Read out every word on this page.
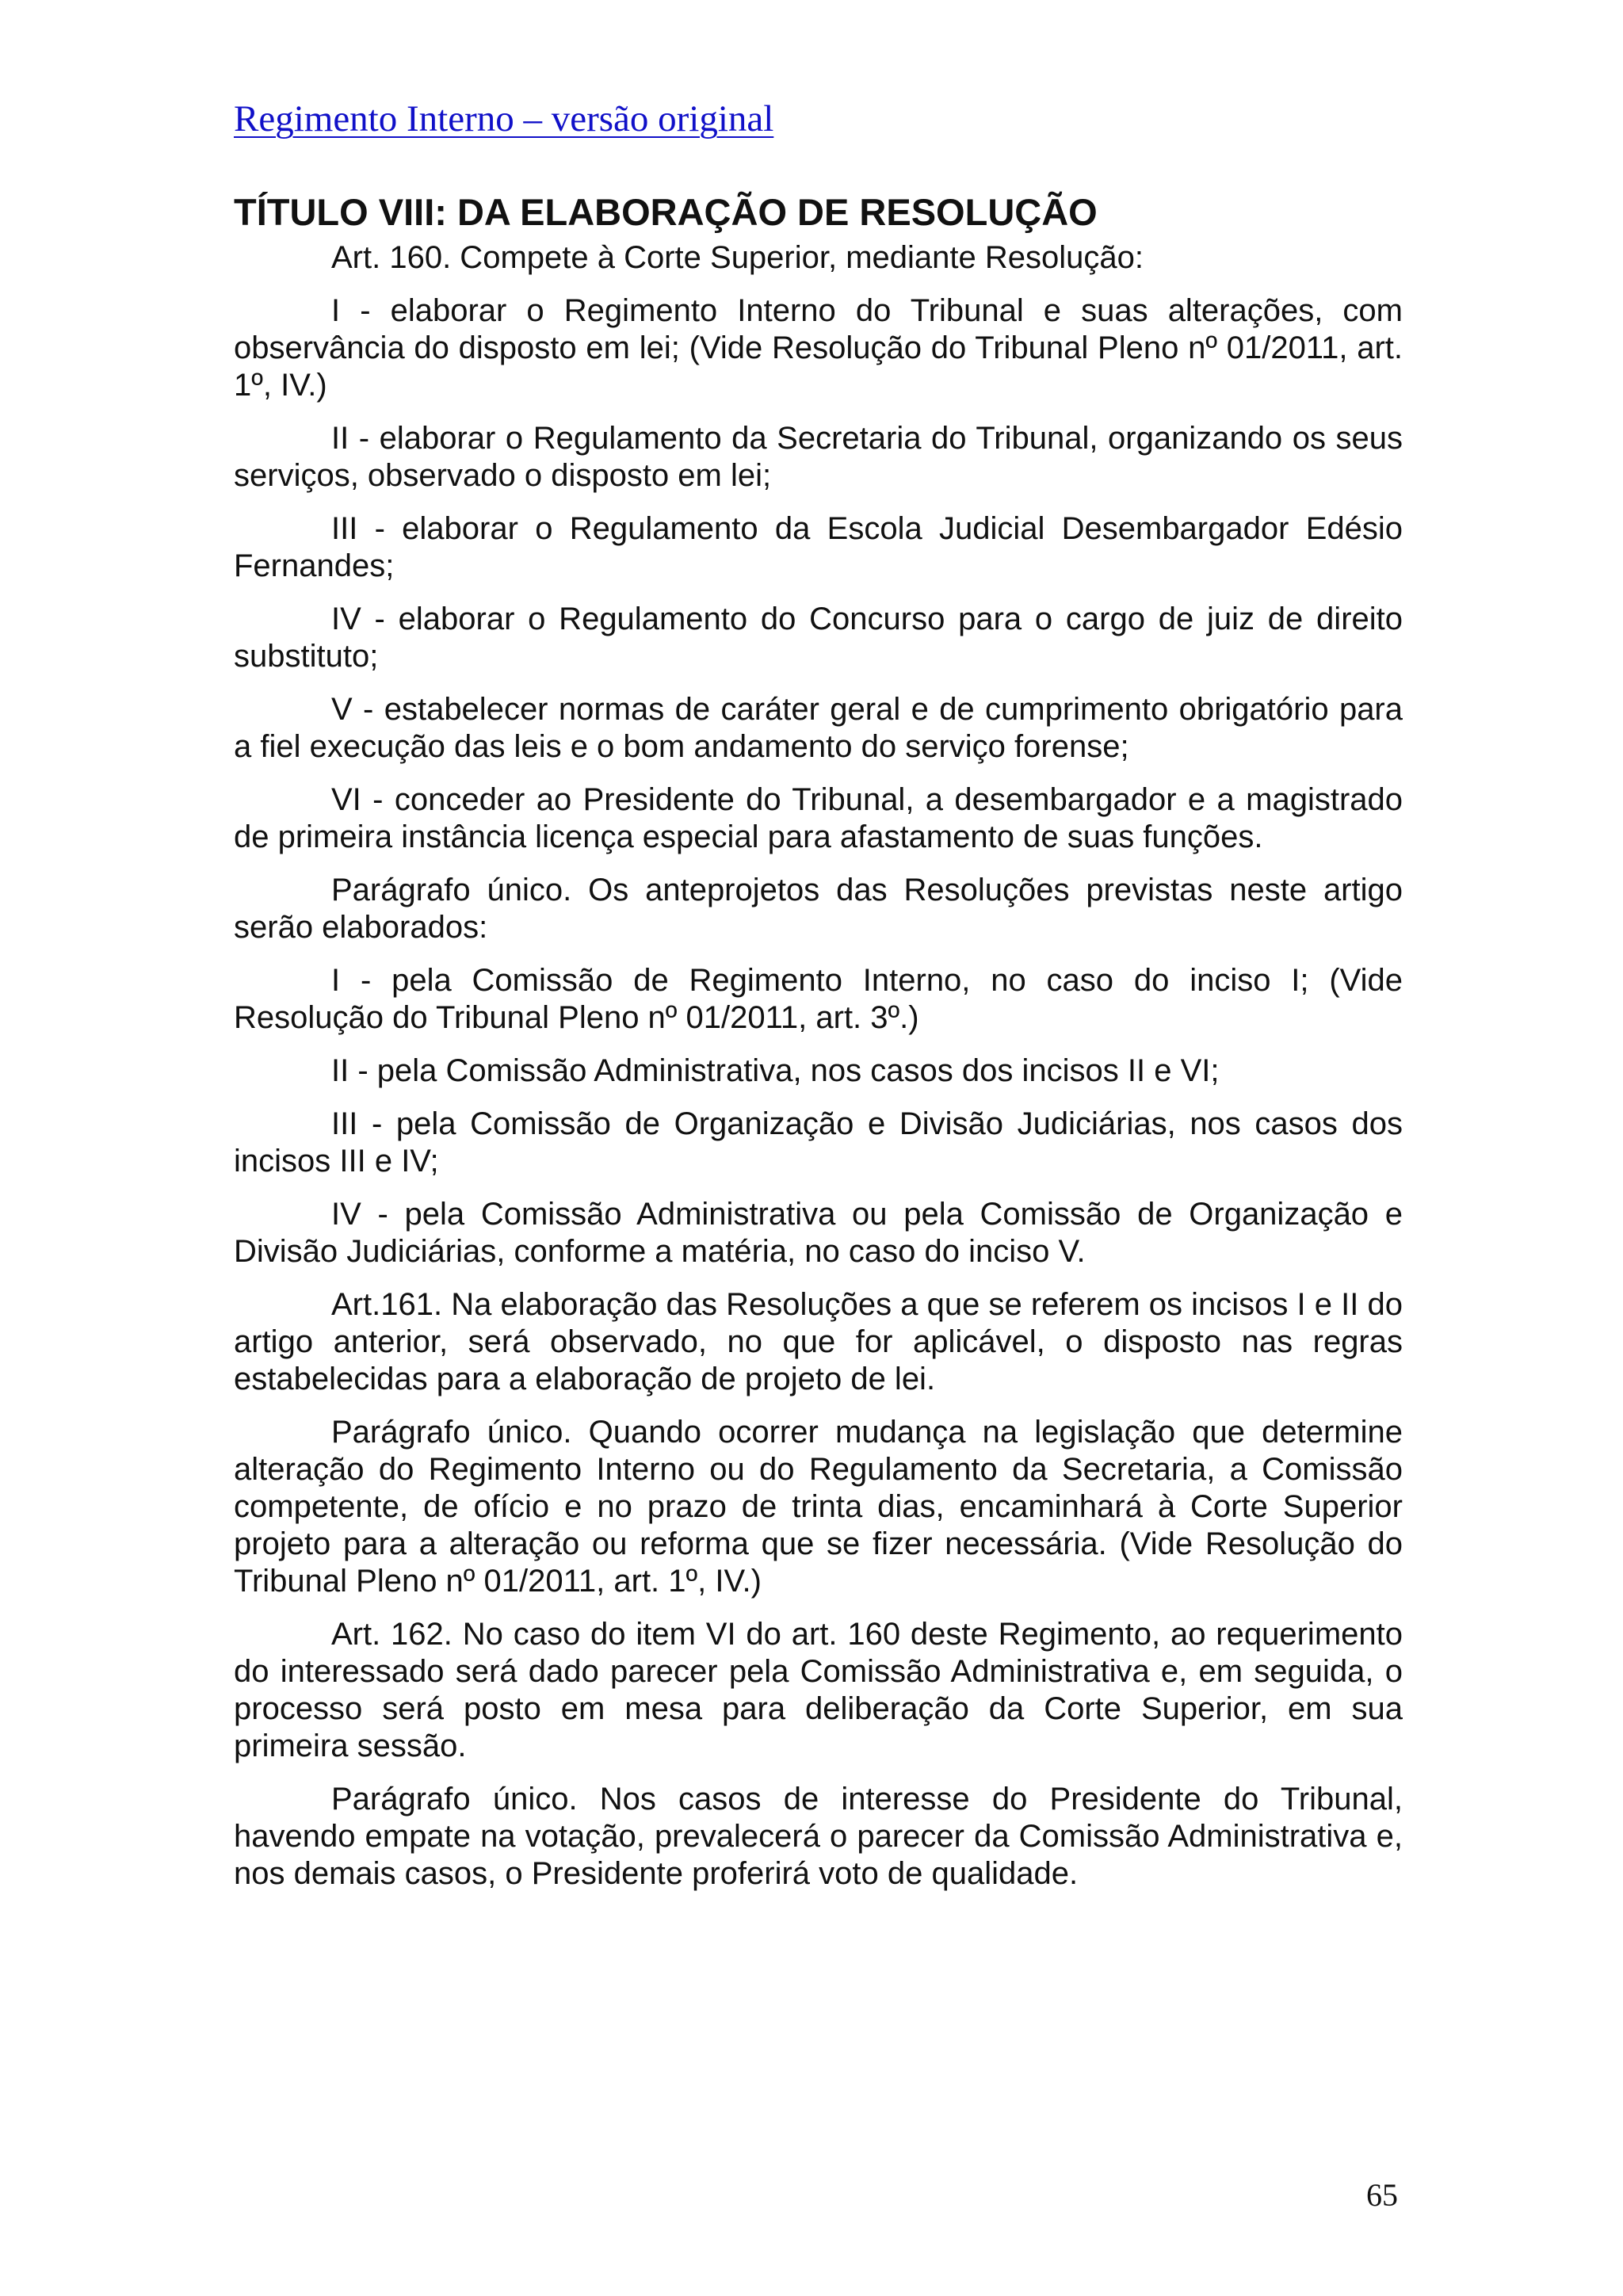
Regimento Interno – versão original
TÍTULO VIII: DA ELABORAÇÃO DE RESOLUÇÃO

Art. 160. Compete à Corte Superior, mediante Resolução:

I - elaborar o Regimento Interno do Tribunal e suas alterações, com observância do disposto em lei; (Vide Resolução do Tribunal Pleno nº 01/2011, art. 1º, IV.)

II - elaborar o Regulamento da Secretaria do Tribunal, organizando os seus serviços, observado o disposto em lei;

III - elaborar o Regulamento da Escola Judicial Desembargador Edésio Fernandes;

IV - elaborar o Regulamento do Concurso para o cargo de juiz de direito substituto;

V - estabelecer normas de caráter geral e de cumprimento obrigatório para a fiel execução das leis e o bom andamento do serviço forense;

VI - conceder ao Presidente do Tribunal, a desembargador e a magistrado de primeira instância licença especial para afastamento de suas funções.

Parágrafo único. Os anteprojetos das Resoluções previstas neste artigo serão elaborados:

I - pela Comissão de Regimento Interno, no caso do inciso I; (Vide Resolução do Tribunal Pleno nº 01/2011, art. 3º.)

II - pela Comissão Administrativa, nos casos dos incisos II e VI;

III - pela Comissão de Organização e Divisão Judiciárias, nos casos dos incisos III e IV;

IV - pela Comissão Administrativa ou pela Comissão de Organização e Divisão Judiciárias, conforme a matéria, no caso do inciso V.

Art.161. Na elaboração das Resoluções a que se referem os incisos I e II do artigo anterior, será observado, no que for aplicável, o disposto nas regras estabelecidas para a elaboração de projeto de lei.

Parágrafo único. Quando ocorrer mudança na legislação que determine alteração do Regimento Interno ou do Regulamento da Secretaria, a Comissão competente, de ofício e no prazo de trinta dias, encaminhará à Corte Superior projeto para a alteração ou reforma que se fizer necessária. (Vide Resolução do Tribunal Pleno nº 01/2011, art. 1º, IV.)

Art. 162. No caso do item VI do art. 160 deste Regimento, ao requerimento do interessado será dado parecer pela Comissão Administrativa e, em seguida, o processo será posto em mesa para deliberação da Corte Superior, em sua primeira sessão.

Parágrafo único. Nos casos de interesse do Presidente do Tribunal, havendo empate na votação, prevalecerá o parecer da Comissão Administrativa e, nos demais casos, o Presidente proferirá voto de qualidade.

65
